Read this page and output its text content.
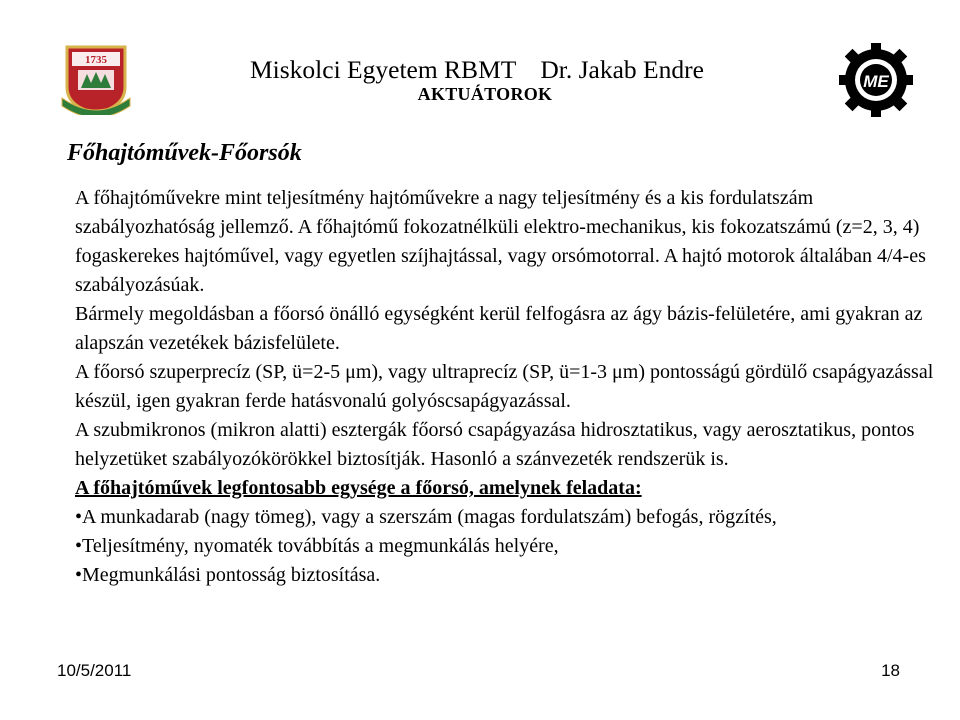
1735	Miskolci Egyetem RBMT Dr. Jakab Endre
AKTUÁTOROK
ME
Főhajtóművek-Főorsók

A főhajtóművekre mint teljesítmény hajtóművekre a nagy teljesítmény és a kis fordulatszám szabályozhatóság jellemző. A főhajtómű fokozatnélküli elektro-mechanikus, kis fokozatszámú (z=2, 3, 4) fogaskerekes hajtóművel, vagy egyetlen szíjhajtással, vagy orsómotorral. A hajtó motorok általában 4/4-es szabályozásúak.

Bármely megoldásban a főorsó önálló egységként kerül felfogásra az ágy bázis-felületére, ami gyakran az alapszán vezetékek bázisfelülete.

A főorsó szuperprecíz (SP, ü=2-5 μm), vagy ultraprecíz (SP, ü=1-3 μm) pontosságú gördülő csapágyazással készül, igen gyakran ferde hatásvonalú golyóscsapágyazással.

A szubmikronos (mikron alatti) esztergák főorsó csapágyazása hidrosztatikus, vagy aerosztatikus, pontos helyzetüket szabályozókörökkel biztosítják. Hasonló a szánvezeték rendszerük is.

A főhajtóművek legfontosabb egysége a főorsó, amelynek feladata:

•A munkadarab (nagy tömeg), vagy a szerszám (magas fordulatszám) befogás, rögzítés,

•Teljesítmény, nyomaték továbbítás a megmunkálás helyére,

•Megmunkálási pontosság biztosítása.

10/5/2011	18
